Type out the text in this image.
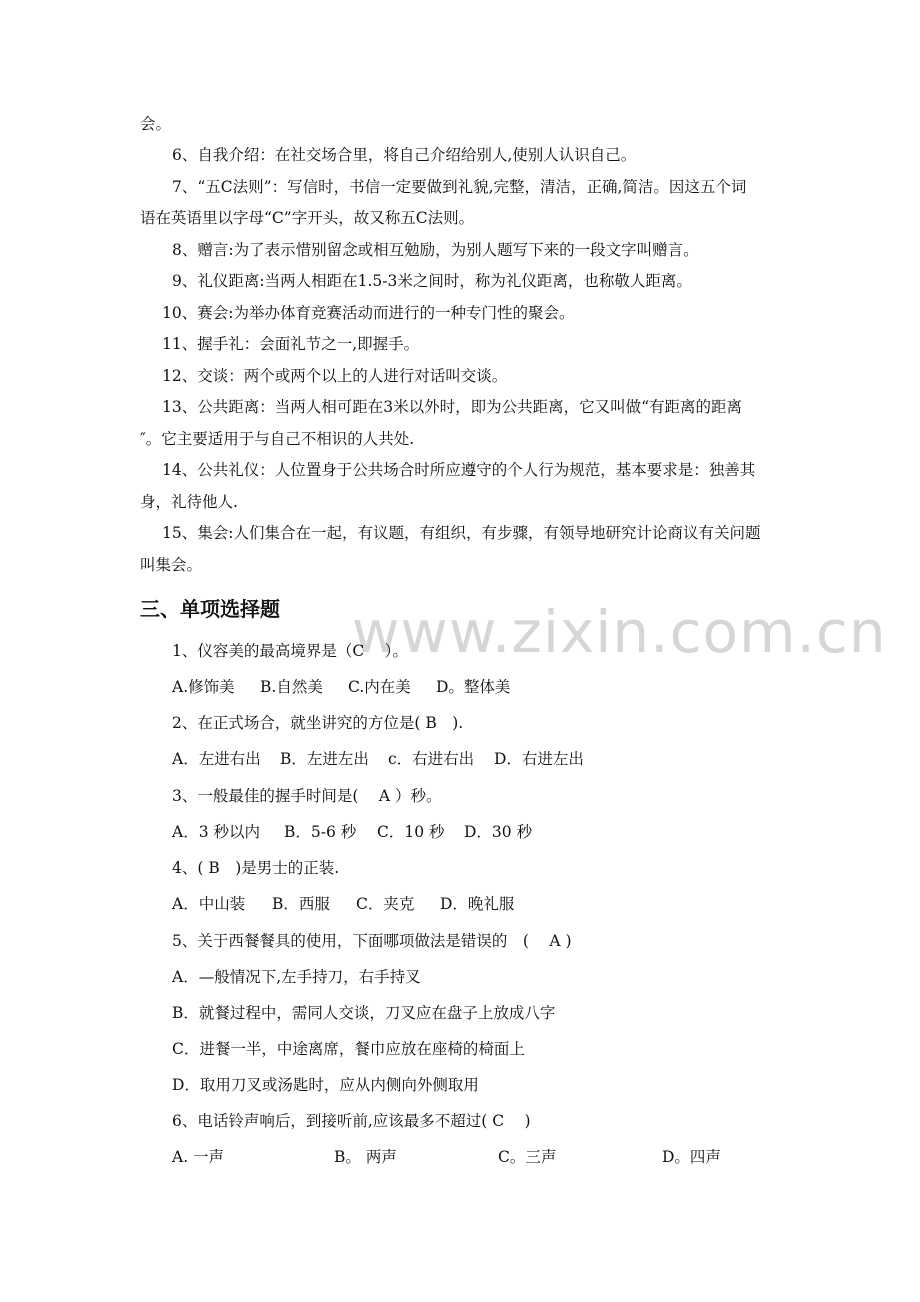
www.zixin.com.cn
会。
6、自我介绍：在社交场合里，将自己介绍给别人,使别人认识自己。
7、“五C法则”：写信时，书信一定要做到礼貌,完整，清洁，正确,简洁。因这五个词
语在英语里以字母“C”字开头，故又称五C法则。
8、赠言:为了表示惜别留念或相互勉励，为别人题写下来的一段文字叫赠言。
9、礼仪距离:当两人相距在1.5-3米之间时，称为礼仪距离，也称敬人距离。
10、赛会:为举办体育竞赛活动而进行的一种专门性的聚会。
11、握手礼：会面礼节之一,即握手。
12、交谈：两个或两个以上的人进行对话叫交谈。
13、公共距离：当两人相可距在3米以外时，即为公共距离，它又叫做“有距离的距离
″。它主要适用于与自己不相识的人共处.
14、公共礼仪：人位置身于公共场合时所应遵守的个人行为规范，基本要求是：独善其
身，礼待他人.
15、集会:人们集合在一起，有议题，有组织，有步骤，有领导地研究计论商议有关问题
叫集会。
三、单项选择题
1、仪容美的最高境界是（C　 ）。
A.修饰美 B.自然美 C.内在美 D。整体美
2、在正式场合，就坐讲究的方位是( B　).
A．左进右出 B．左进左出 c．右进右出 D．右进左出
3、一般最佳的握手时间是(　 A ）秒。
A．3 秒以内 B．5-6 秒 C．10 秒 D．30 秒
4、( B　)是男士的正装.
A．中山装 B．西服 C．夹克 D．晚礼服
5、关于西餐餐具的使用，下面哪项做法是错误的　(　 A )
A．—般情况下,左手持刀，右手持叉
B．就餐过程中，需同人交谈，刀叉应在盘子上放成八字
C．进餐一半，中途离席，餐巾应放在座椅的椅面上
D．取用刀叉或汤匙时，应从内侧向外侧取用
6、电话铃声响后，到接听前,应该最多不超过( C　 )
A. 一声	B。 两声	C。三声	D。四声
